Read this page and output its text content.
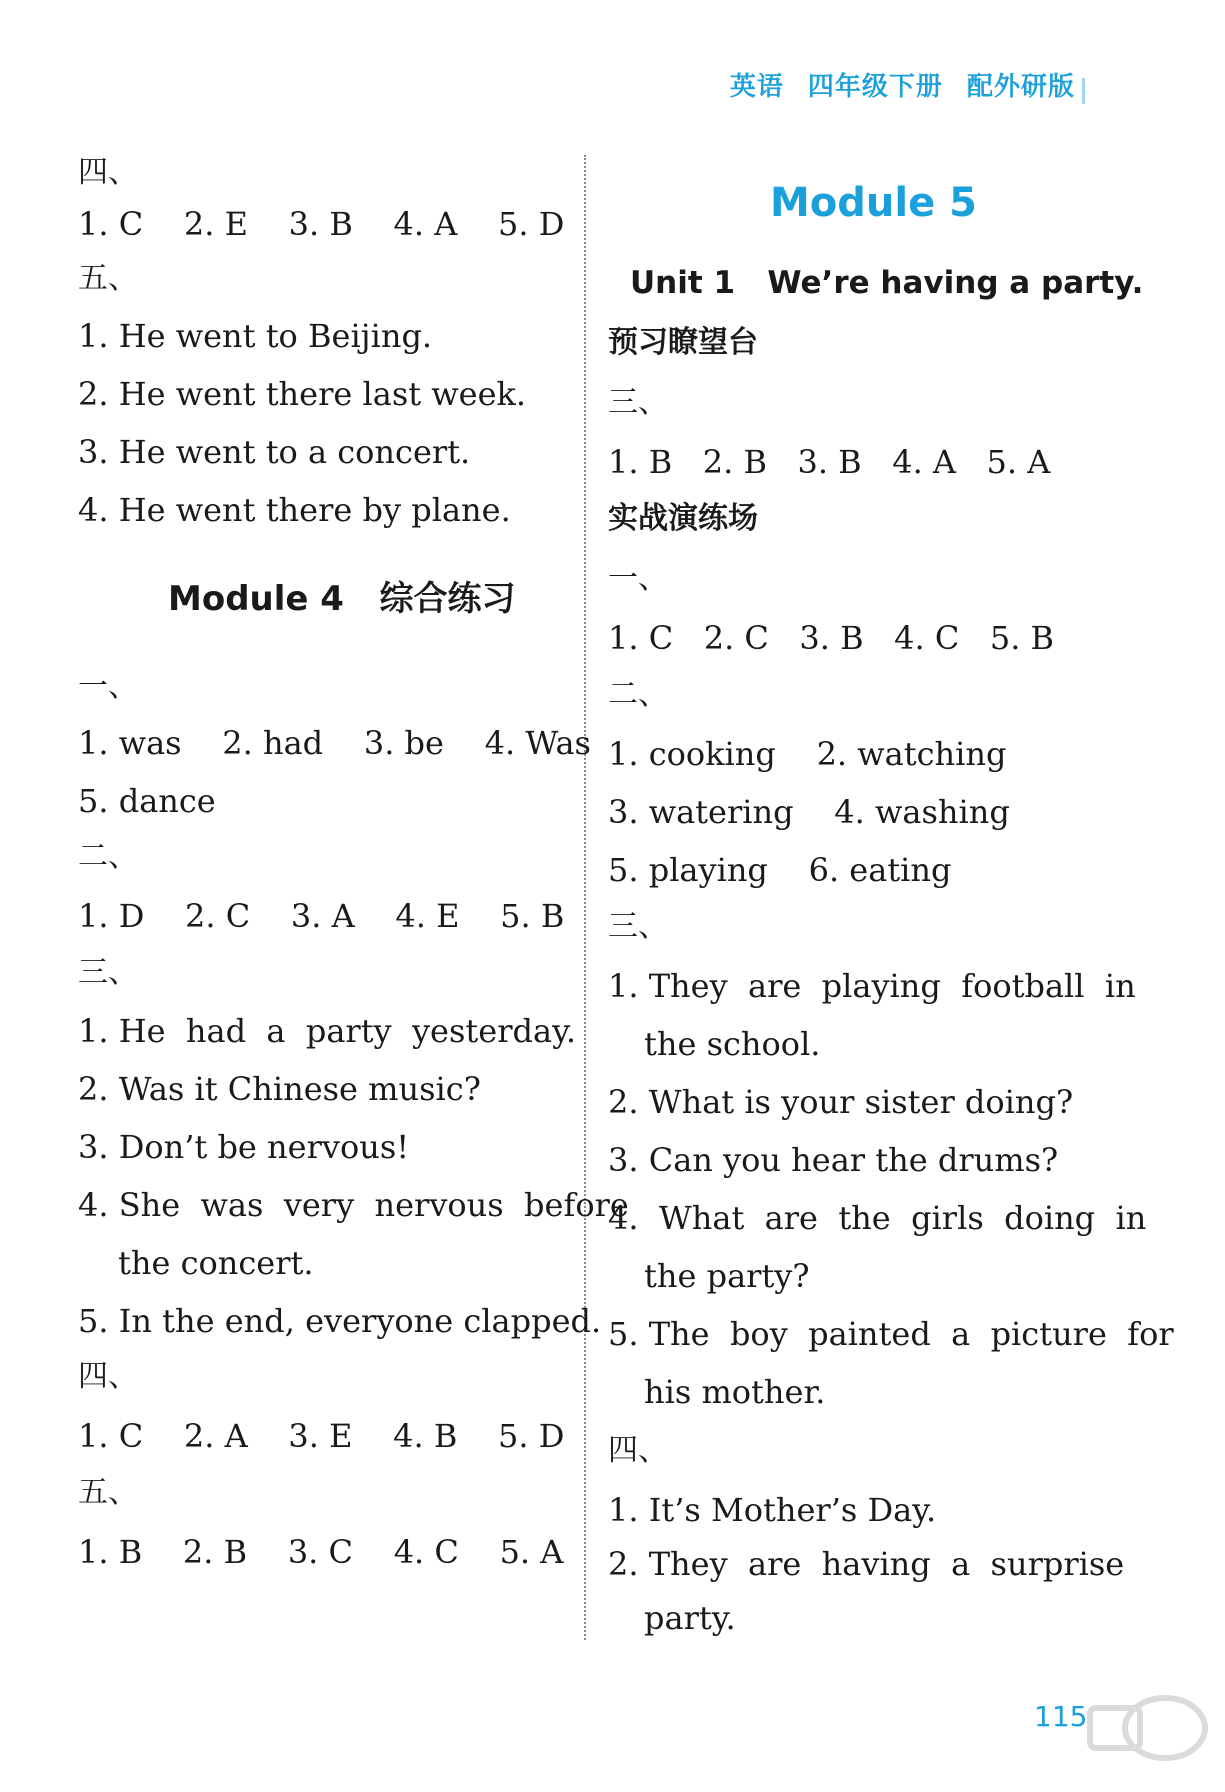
英语 四年级下册 配外研版
四、
1. C    2. E    3. B    4. A    5. D
五、
1. He went to Beijing.
2. He went there last week.
3. He went to a concert.
4. He went there by plane.
Module 4   综合练习
一、
1. was    2. had    3. be    4. Was
5. dance
二、
1. D    2. C    3. A    4. E    5. B
三、
1. He  had  a  party  yesterday.
2. Was it Chinese music?
3. Don’t be nervous!
4. She  was  very  nervous  before
the concert.
5. In the end, everyone clapped.
四、
1. C    2. A    3. E    4. B    5. D
五、
1. B    2. B    3. C    4. C    5. A
Module 5
Unit 1   We’re having a party.
预习瞭望台
三、
1. B   2. B   3. B   4. A   5. A
实战演练场
一、
1. C   2. C   3. B   4. C   5. B
二、
1. cooking    2. watching
3. watering    4. washing
5. playing    6. eating
三、
1. They  are  playing  football  in
the school.
2. What is your sister doing?
3. Can you hear the drums?
4.  What  are  the  girls  doing  in
the party?
5. The  boy  painted  a  picture  for
his mother.
四、
1. It’s Mother’s Day.
2. They  are  having  a  surprise
party.
115
